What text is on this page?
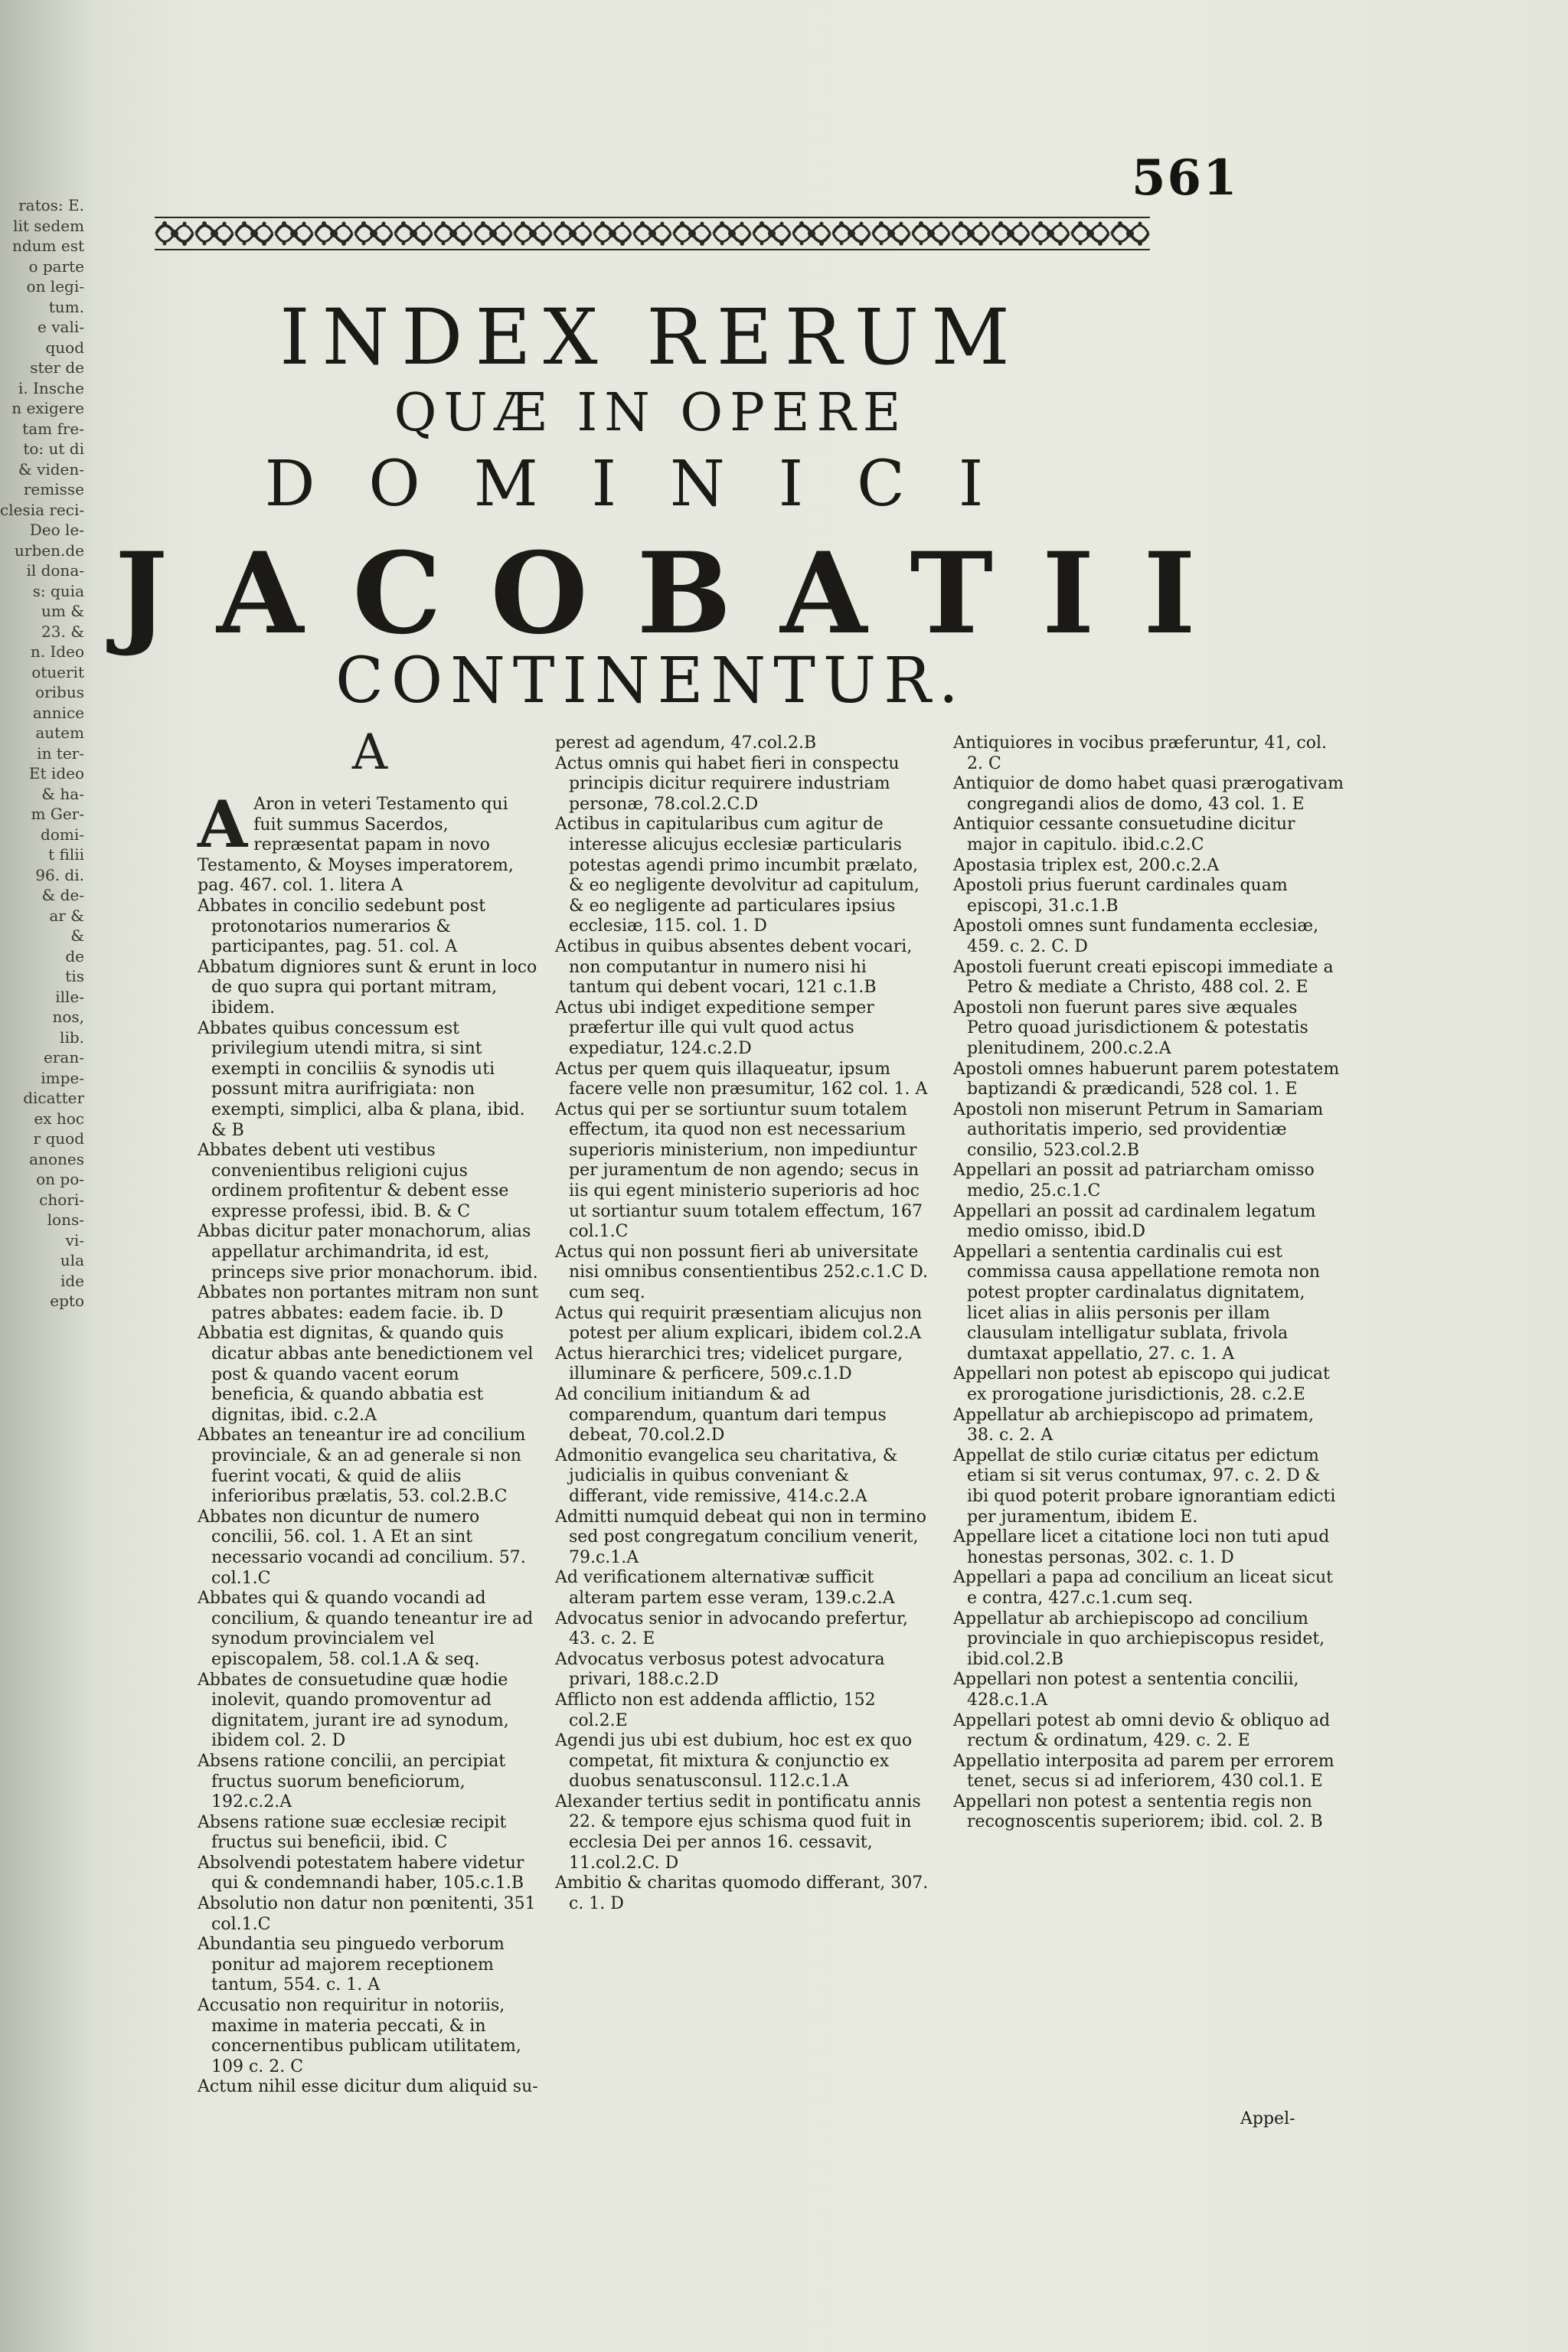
ratos: E.
lit sedem
ndum est
o parte
on legi-
tum.
e vali-
quod
ster de
i. Insche
n exigere
tam fre-
to: ut di
& viden-
remisse
clesia reci-
Deo le-
urben.de
il dona-
s: quia
um &
23. &
n. Ideo
otuerit
oribus
annice
autem
in ter-
Et ideo
& ha-
m Ger-
domi-
t filii
96. di.
& de-
ar &
&
de
tis
ille-
nos,
lib.
eran-
impe-
dicatter
ex hoc
r quod
anones
on po-
chori-
lons-
vi-
ula
ide
epto
561
INDEX RERUM
QUÆ IN OPERE
DOMINICI
JACOBATII
CONTINENTUR.
A

A Aron in veteri Testamento qui fuit summus Sacerdos, repræsentat papam in novo Testamento, & Moyses imperatorem, pag. 467. col. 1. litera A

Abbates in concilio sedebunt post protonotarios numerarios & participantes, pag. 51. col. A

Abbatum digniores sunt & erunt in loco de quo supra qui portant mitram, ibidem.

Abbates quibus concessum est privilegium utendi mitra, si sint exempti in conciliis & synodis uti possunt mitra aurifrigiata: non exempti, simplici, alba & plana, ibid. & B

Abbates debent uti vestibus convenientibus religioni cujus ordinem profitentur & debent esse expresse professi, ibid. B. & C

Abbas dicitur pater monachorum, alias appellatur archimandrita, id est, princeps sive prior monachorum. ibid.

Abbates non portantes mitram non sunt patres abbates: eadem facie. ib. D

Abbatia est dignitas, & quando quis dicatur abbas ante benedictionem vel post & quando vacent eorum beneficia, & quando abbatia est dignitas, ibid. c.2.A

Abbates an teneantur ire ad concilium provinciale, & an ad generale si non fuerint vocati, & quid de aliis inferioribus prælatis, 53. col.2.B.C

Abbates non dicuntur de numero concilii, 56. col. 1. A Et an sint necessario vocandi ad concilium. 57. col.1.C

Abbates qui & quando vocandi ad concilium, & quando teneantur ire ad synodum provincialem vel episcopalem, 58. col.1.A & seq.

Abbates de consuetudine quæ hodie inolevit, quando promoventur ad dignitatem, jurant ire ad synodum, ibidem col. 2. D

Absens ratione concilii, an percipiat fructus suorum beneficiorum, 192.c.2.A

Absens ratione suæ ecclesiæ recipit fructus sui beneficii, ibid. C

Absolvendi potestatem habere videtur qui & condemnandi haber, 105.c.1.B

Absolutio non datur non pœnitenti, 351 col.1.C

Abundantia seu pinguedo verborum ponitur ad majorem receptionem tantum, 554. c. 1. A

Accusatio non requiritur in notoriis, maxime in materia peccati, & in concernentibus publicam utilitatem, 109 c. 2. C

Actum nihil esse dicitur dum aliquid su-

perest ad agendum, 47.col.2.B

Actus omnis qui habet fieri in conspectu principis dicitur requirere industriam personæ, 78.col.2.C.D

Actibus in capitularibus cum agitur de interesse alicujus ecclesiæ particularis potestas agendi primo incumbit prælato, & eo negligente devolvitur ad capitulum, & eo negligente ad particulares ipsius ecclesiæ, 115. col. 1. D

Actibus in quibus absentes debent vocari, non computantur in numero nisi hi tantum qui debent vocari, 121 c.1.B

Actus ubi indiget expeditione semper præfertur ille qui vult quod actus expediatur, 124.c.2.D

Actus per quem quis illaqueatur, ipsum facere velle non præsumitur, 162 col. 1. A

Actus qui per se sortiuntur suum totalem effectum, ita quod non est necessarium superioris ministerium, non impediuntur per juramentum de non agendo; secus in iis qui egent ministerio superioris ad hoc ut sortiantur suum totalem effectum, 167 col.1.C

Actus qui non possunt fieri ab universitate nisi omnibus consentientibus 252.c.1.C D. cum seq.

Actus qui requirit præsentiam alicujus non potest per alium explicari, ibidem col.2.A

Actus hierarchici tres; videlicet purgare, illuminare & perficere, 509.c.1.D

Ad concilium initiandum & ad comparendum, quantum dari tempus debeat, 70.col.2.D

Admonitio evangelica seu charitativa, & judicialis in quibus conveniant & differant, vide remissive, 414.c.2.A

Admitti numquid debeat qui non in termino sed post congregatum concilium venerit, 79.c.1.A

Ad verificationem alternativæ sufficit alteram partem esse veram, 139.c.2.A

Advocatus senior in advocando prefertur, 43. c. 2. E

Advocatus verbosus potest advocatura privari, 188.c.2.D

Afflicto non est addenda afflictio, 152 col.2.E

Agendi jus ubi est dubium, hoc est ex quo competat, fit mixtura & conjunctio ex duobus senatusconsul. 112.c.1.A

Alexander tertius sedit in pontificatu annis 22. & tempore ejus schisma quod fuit in ecclesia Dei per annos 16. cessavit, 11.col.2.C. D

Ambitio & charitas quomodo differant, 307. c. 1. D

Antiquiores in vocibus præferuntur, 41, col. 2. C

Antiquior de domo habet quasi prærogativam congregandi alios de domo, 43 col. 1. E

Antiquior cessante consuetudine dicitur major in capitulo. ibid.c.2.C

Apostasia triplex est, 200.c.2.A

Apostoli prius fuerunt cardinales quam episcopi, 31.c.1.B

Apostoli omnes sunt fundamenta ecclesiæ, 459. c. 2. C. D

Apostoli fuerunt creati episcopi immediate a Petro & mediate a Christo, 488 col. 2. E

Apostoli non fuerunt pares sive æquales Petro quoad jurisdictionem & potestatis plenitudinem, 200.c.2.A

Apostoli omnes habuerunt parem potestatem baptizandi & prædicandi, 528 col. 1. E

Apostoli non miserunt Petrum in Samariam authoritatis imperio, sed providentiæ consilio, 523.col.2.B

Appellari an possit ad patriarcham omisso medio, 25.c.1.C

Appellari an possit ad cardinalem legatum medio omisso, ibid.D

Appellari a sententia cardinalis cui est commissa causa appellatione remota non potest propter cardinalatus dignitatem, licet alias in aliis personis per illam clausulam intelligatur sublata, frivola dumtaxat appellatio, 27. c. 1. A

Appellari non potest ab episcopo qui judicat ex prorogatione jurisdictionis, 28. c.2.E

Appellatur ab archiepiscopo ad primatem, 38. c. 2. A

Appellat de stilo curiæ citatus per edictum etiam si sit verus contumax, 97. c. 2. D & ibi quod poterit probare ignorantiam edicti per juramentum, ibidem E.

Appellare licet a citatione loci non tuti apud honestas personas, 302. c. 1. D

Appellari a papa ad concilium an liceat sicut e contra, 427.c.1.cum seq.

Appellatur ab archiepiscopo ad concilium provinciale in quo archiepiscopus residet, ibid.col.2.B

Appellari non potest a sententia concilii, 428.c.1.A

Appellari potest ab omni devio & obliquo ad rectum & ordinatum, 429. c. 2. E

Appellatio interposita ad parem per errorem tenet, secus si ad inferiorem, 430 col.1. E

Appellari non potest a sententia regis non recognoscentis superiorem; ibid. col. 2. B

Appel-
